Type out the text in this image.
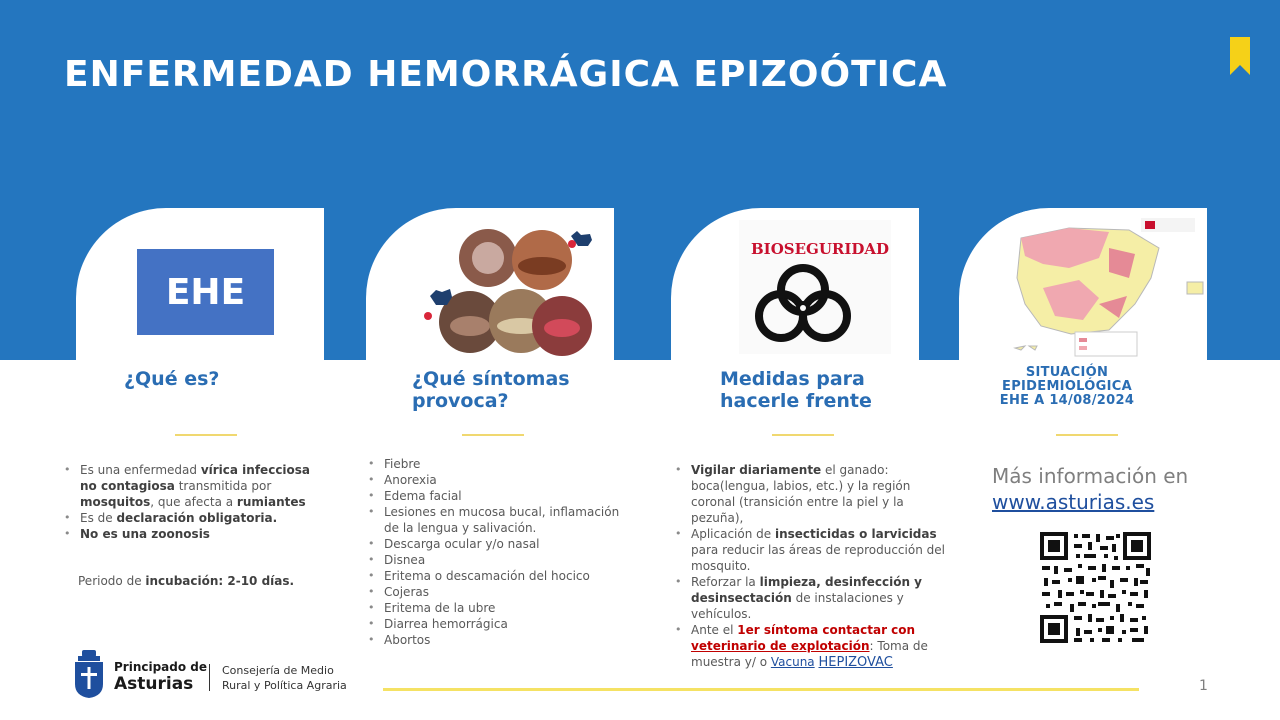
ENFERMEDAD HEMORRÁGICA EPIZOÓTICA
EHE
BIOSEGURIDAD
¿Qué es?	¿Qué síntomas
provoca?
Medidas para
hacerle frente
SITUACIÓN
EPIDEMIOLÓGICA
EHE A 14/08/2024
• Es una enfermedad vírica infecciosa no contagiosa transmitida por mosquitos, que afecta a rumiantes
• Es de declaración obligatoria.
• No es una zoonosis

Periodo de incubación: 2-10 días.

• Fiebre
• Anorexia
• Edema facial
• Lesiones en mucosa bucal, inflamación de la lengua y salivación.
• Descarga ocular y/o nasal
• Disnea
• Eritema o descamación del hocico
• Cojeras
• Eritema de la ubre
• Diarrea hemorrágica
• Abortos
• Vigilar diariamente el ganado: boca(lengua, labios, etc.) y la región coronal (transición entre la piel y la pezuña),
• Aplicación de insecticidas o larvicidas para reducir las áreas de reproducción del mosquito.
• Reforzar la limpieza, desinfección y desinsectación de instalaciones y vehículos.
• Ante el 1er síntoma contactar con veterinario de explotación: Toma de muestra y/ o Vacuna HEPIZOVAC

Más información en
www.asturias.es

Principado de

Asturias

Consejería de Medio
Rural y Política Agraria	1
